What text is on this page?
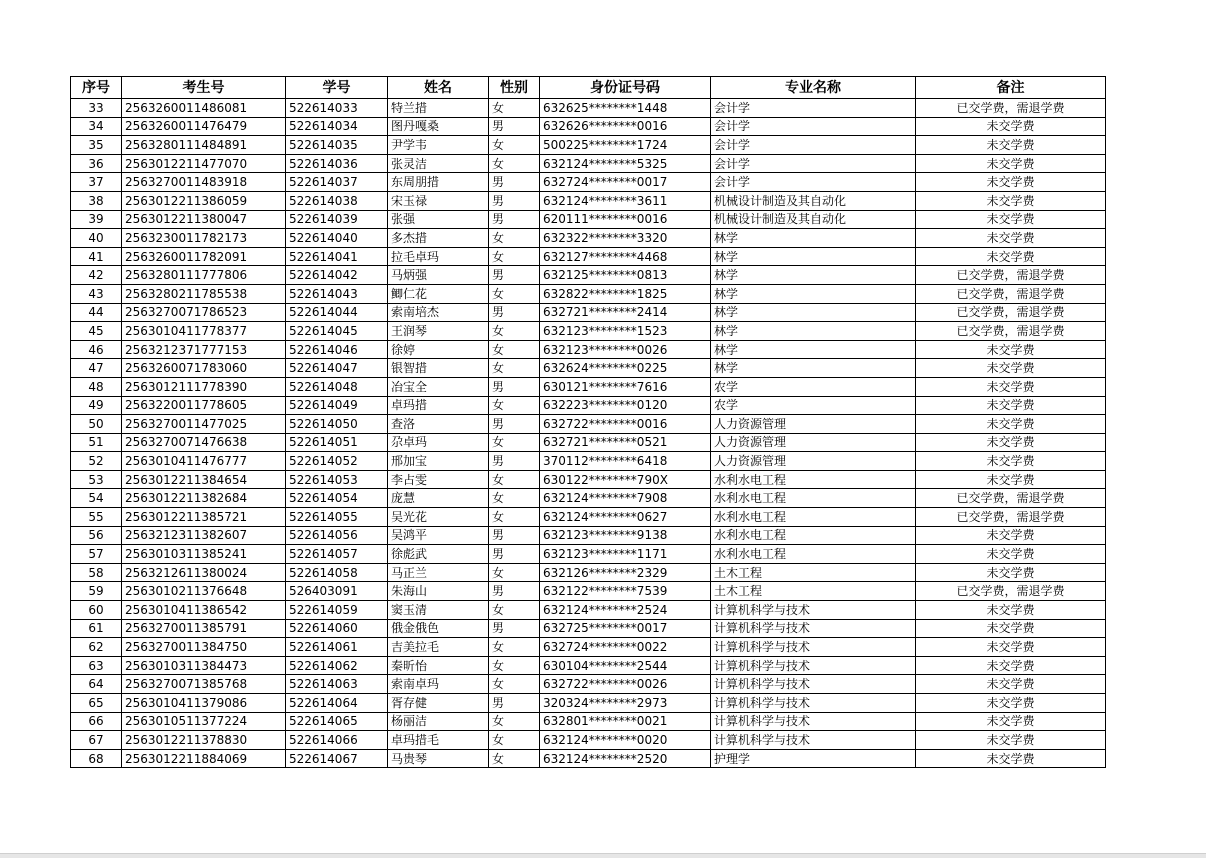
序号	考生号	学号	姓名	性别	身份证号码	专业名称	备注
33	2563260011486081	522614033	特兰措	女	632625********1448	会计学	已交学费，需退学费
34	2563260011476479	522614034	图丹嘎桑	男	632626********0016	会计学	未交学费
35	2563280111484891	522614035	尹学韦	女	500225********1724	会计学	未交学费
36	2563012211477070	522614036	张灵洁	女	632124********5325	会计学	未交学费
37	2563270011483918	522614037	东周朋措	男	632724********0017	会计学	未交学费
38	2563012211386059	522614038	宋玉禄	男	632124********3611	机械设计制造及其自动化	未交学费
39	2563012211380047	522614039	张强	男	620111********0016	机械设计制造及其自动化	未交学费
40	2563230011782173	522614040	多杰措	女	632322********3320	林学	未交学费
41	2563260011782091	522614041	拉毛卓玛	女	632127********4468	林学	未交学费
42	2563280111777806	522614042	马炳强	男	632125********0813	林学	已交学费，需退学费
43	2563280211785538	522614043	鲫仁花	女	632822********1825	林学	已交学费，需退学费
44	2563270071786523	522614044	索南培杰	男	632721********2414	林学	已交学费，需退学费
45	2563010411778377	522614045	王润琴	女	632123********1523	林学	已交学费，需退学费
46	2563212371777153	522614046	徐婷	女	632123********0026	林学	未交学费
47	2563260071783060	522614047	银智措	女	632624********0225	林学	未交学费
48	2563012111778390	522614048	冶宝全	男	630121********7616	农学	未交学费
49	2563220011778605	522614049	卓玛措	女	632223********0120	农学	未交学费
50	2563270011477025	522614050	查洛	男	632722********0016	人力资源管理	未交学费
51	2563270071476638	522614051	尕卓玛	女	632721********0521	人力资源管理	未交学费
52	2563010411476777	522614052	邢加宝	男	370112********6418	人力资源管理	未交学费
53	2563012211384654	522614053	李占雯	女	630122********790X	水利水电工程	未交学费
54	2563012211382684	522614054	庞慧	女	632124********7908	水利水电工程	已交学费，需退学费
55	2563012211385721	522614055	吴光花	女	632124********0627	水利水电工程	已交学费，需退学费
56	2563212311382607	522614056	吴鸿平	男	632123********9138	水利水电工程	未交学费
57	2563010311385241	522614057	徐彪武	男	632123********1171	水利水电工程	未交学费
58	2563212611380024	522614058	马正兰	女	632126********2329	土木工程	未交学费
59	2563010211376648	526403091	朱海山	男	632122********7539	土木工程	已交学费，需退学费
60	2563010411386542	522614059	窦玉清	女	632124********2524	计算机科学与技术	未交学费
61	2563270011385791	522614060	俄金俄色	男	632725********0017	计算机科学与技术	未交学费
62	2563270011384750	522614061	吉美拉毛	女	632724********0022	计算机科学与技术	未交学费
63	2563010311384473	522614062	秦昕怡	女	630104********2544	计算机科学与技术	未交学费
64	2563270071385768	522614063	索南卓玛	女	632722********0026	计算机科学与技术	未交学费
65	2563010411379086	522614064	胥存健	男	320324********2973	计算机科学与技术	未交学费
66	2563010511377224	522614065	杨丽洁	女	632801********0021	计算机科学与技术	未交学费
67	2563012211378830	522614066	卓玛措毛	女	632124********0020	计算机科学与技术	未交学费
68	2563012211884069	522614067	马贵琴	女	632124********2520	护理学	未交学费
